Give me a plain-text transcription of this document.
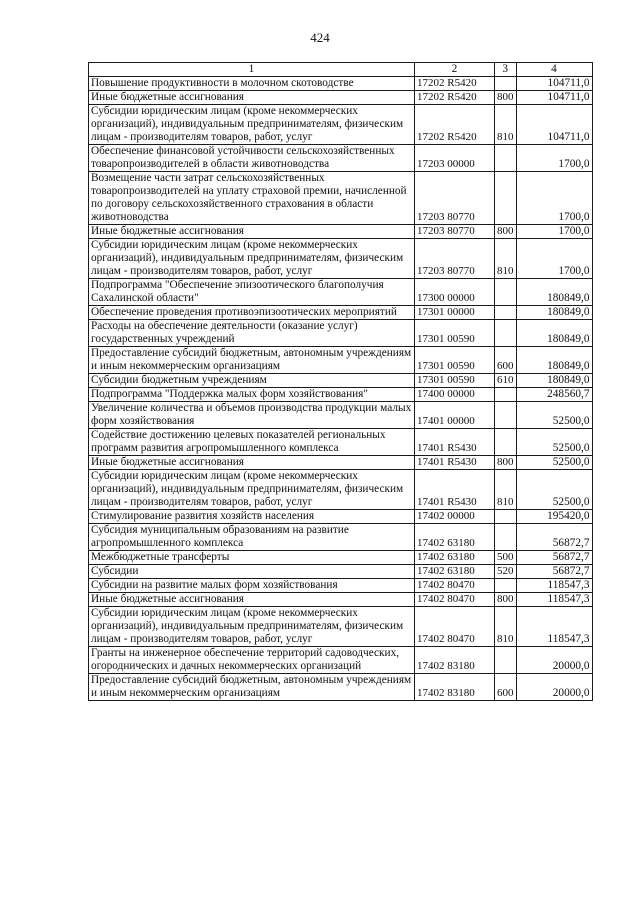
424
1	2	3	4
Повышение продуктивности в молочном скотоводстве	17202 R5420		104711,0
Иные бюджетные ассигнования	17202 R5420	800	104711,0
Субсидии юридическим лицам (кроме некоммерческих организаций), индивидуальным предпринимателям, физическим лицам - производителям товаров, работ, услуг	17202 R5420	810	104711,0
Обеспечение финансовой устойчивости сельскохозяйственных товаропроизводителей в области животноводства	17203 00000		1700,0
Возмещение части затрат сельскохозяйственных товаропроизводителей на уплату страховой премии, начисленной по договору сельскохозяйственного страхования в области животноводства	17203 80770		1700,0
Иные бюджетные ассигнования	17203 80770	800	1700,0
Субсидии юридическим лицам (кроме некоммерческих организаций), индивидуальным предпринимателям, физическим лицам - производителям товаров, работ, услуг	17203 80770	810	1700,0
Подпрограмма "Обеспечение эпизоотического благополучия Сахалинской области"	17300 00000		180849,0
Обеспечение проведения противоэпизоотических мероприятий	17301 00000		180849,0
Расходы на обеспечение деятельности (оказание услуг) государственных учреждений	17301 00590		180849,0
Предоставление субсидий бюджетным, автономным учреждениям и иным некоммерческим организациям	17301 00590	600	180849,0
Субсидии бюджетным учреждениям	17301 00590	610	180849,0
Подпрограмма "Поддержка малых форм хозяйствования"	17400 00000		248560,7
Увеличение количества и объемов производства продукции малых форм хозяйствования	17401 00000		52500,0
Содействие достижению целевых показателей региональных программ развития агропромышленного комплекса	17401 R5430		52500,0
Иные бюджетные ассигнования	17401 R5430	800	52500,0
Субсидии юридическим лицам (кроме некоммерческих организаций), индивидуальным предпринимателям, физическим лицам - производителям товаров, работ, услуг	17401 R5430	810	52500,0
Стимулирование развития хозяйств населения	17402 00000		195420,0
Субсидия муниципальным образованиям на развитие агропромышленного комплекса	17402 63180		56872,7
Межбюджетные трансферты	17402 63180	500	56872,7
Субсидии	17402 63180	520	56872,7
Субсидии на развитие малых форм хозяйствования	17402 80470		118547,3
Иные бюджетные ассигнования	17402 80470	800	118547,3
Субсидии юридическим лицам (кроме некоммерческих организаций), индивидуальным предпринимателям, физическим лицам - производителям товаров, работ, услуг	17402 80470	810	118547,3
Гранты на инженерное обеспечение территорий садоводческих, огороднических и дачных некоммерческих организаций	17402 83180		20000,0
Предоставление субсидий бюджетным, автономным учреждениям и иным некоммерческим организациям	17402 83180	600	20000,0
